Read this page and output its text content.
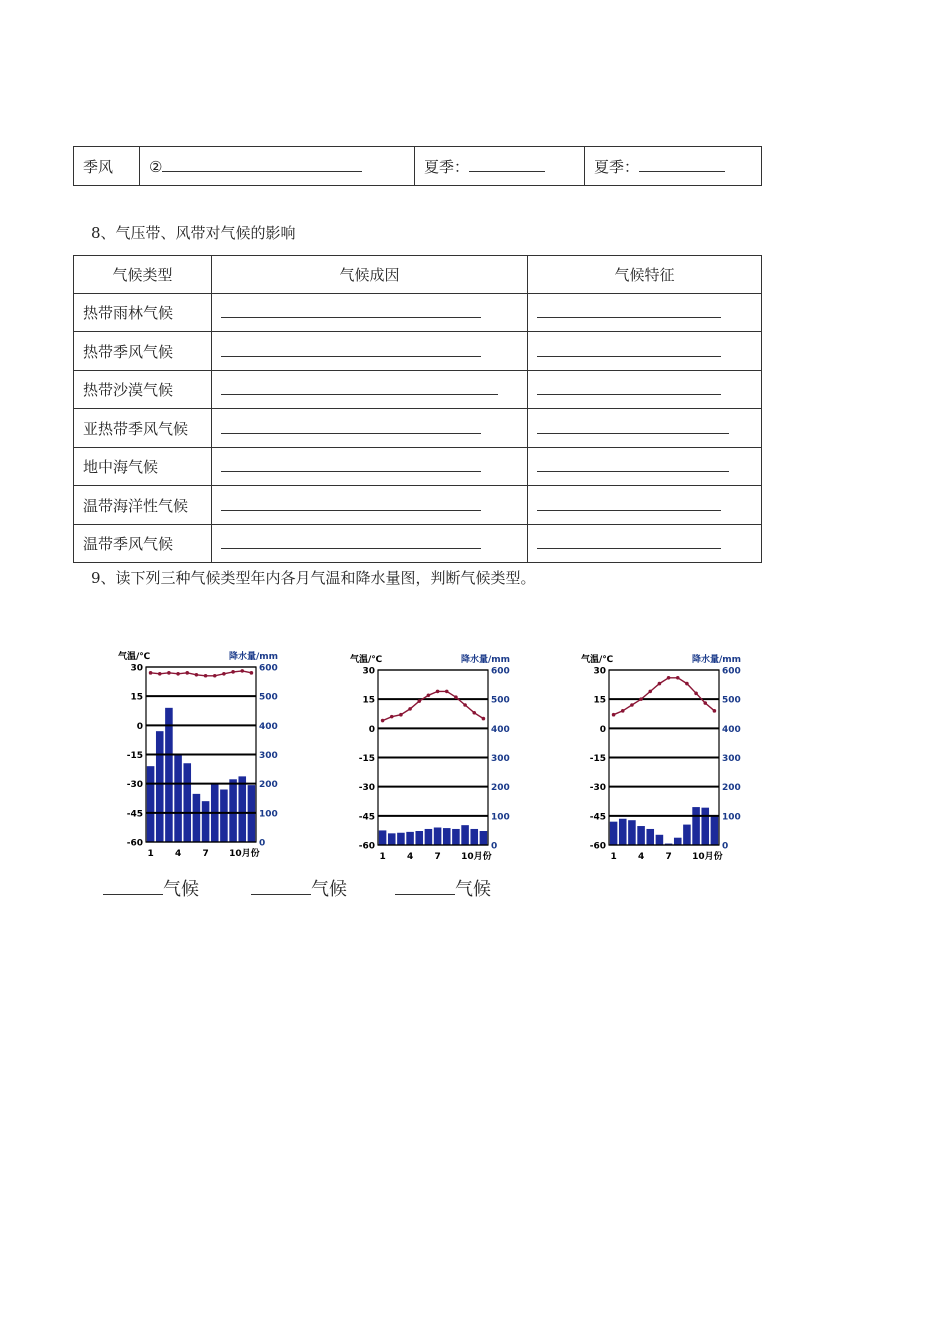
季风	②	夏季：	夏季：
8、气压带、风带对气候的影响
气候类型	气候成因	气候特征
热带雨林气候		
热带季风气候		
热带沙漠气候		
亚热带季风气候		
地中海气候		
温带海洋性气候		
温带季风气候		
9、读下列三种气候类型年内各月气温和降水量图，判断气候类型。
气温/℃	降水量/mm
30
15
0
-15
-30
-45
-60
600
500
400
300
200
100
0
1 4 7 10月份
气温/℃	降水量/mm
30
15
0
-15
-30
-45
-60
600
500
400
300
200
100
0
1 4 7 10月份
气温/℃	降水量/mm
30
15
0
-15
-30
-45
-60
600
500
400
300
200
100
0
1 4 7 10月份
气候	气候	气候
